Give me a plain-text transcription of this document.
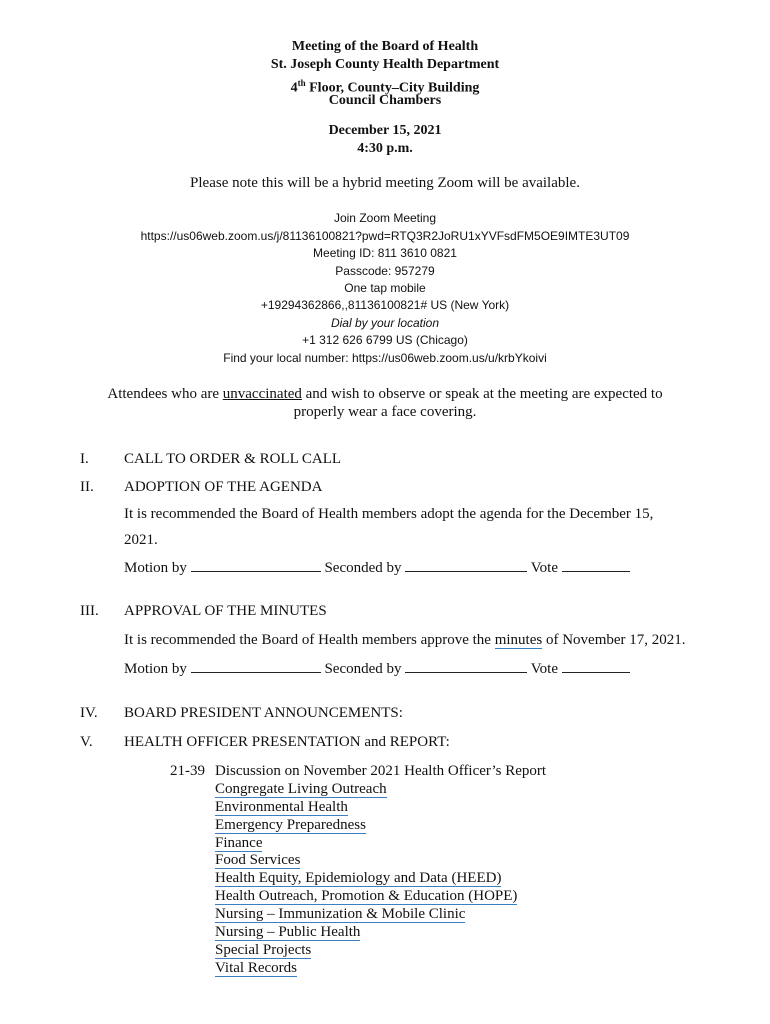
Meeting of the Board of Health
St. Joseph County Health Department
4th Floor, County–City Building
Council Chambers
December 15, 2021
4:30 p.m.
Please note this will be a hybrid meeting Zoom will be available.
Join Zoom Meeting
https://us06web.zoom.us/j/81136100821?pwd=RTQ3R2JoRU1xYVFsdFM5OE9IMTE3UT09
Meeting ID: 811 3610 0821
Passcode: 957279
One tap mobile
+19294362866,,81136100821# US (New York)
Dial by your location
+1 312 626 6799 US (Chicago)
Find your local number: https://us06web.zoom.us/u/krbYkoivi
Attendees who are unvaccinated and wish to observe or speak at the meeting are expected to
properly wear a face covering.
I. CALL TO ORDER & ROLL CALL
II. ADOPTION OF THE AGENDA
It is recommended the Board of Health members adopt the agenda for the December 15,
2021.
Motion by	Seconded by	Vote
III. APPROVAL OF THE MINUTES
It is recommended the Board of Health members approve the minutes of November 17, 2021.
Motion by	Seconded by	Vote
IV. BOARD PRESIDENT ANNOUNCEMENTS:
V. HEALTH OFFICER PRESENTATION and REPORT:
21-39 Discussion on November 2021 Health Officer’s Report
Congregate Living Outreach
Environmental Health
Emergency Preparedness
Finance
Food Services
Health Equity, Epidemiology and Data (HEED)
Health Outreach, Promotion & Education (HOPE)
Nursing – Immunization & Mobile Clinic
Nursing – Public Health
Special Projects
Vital Records
